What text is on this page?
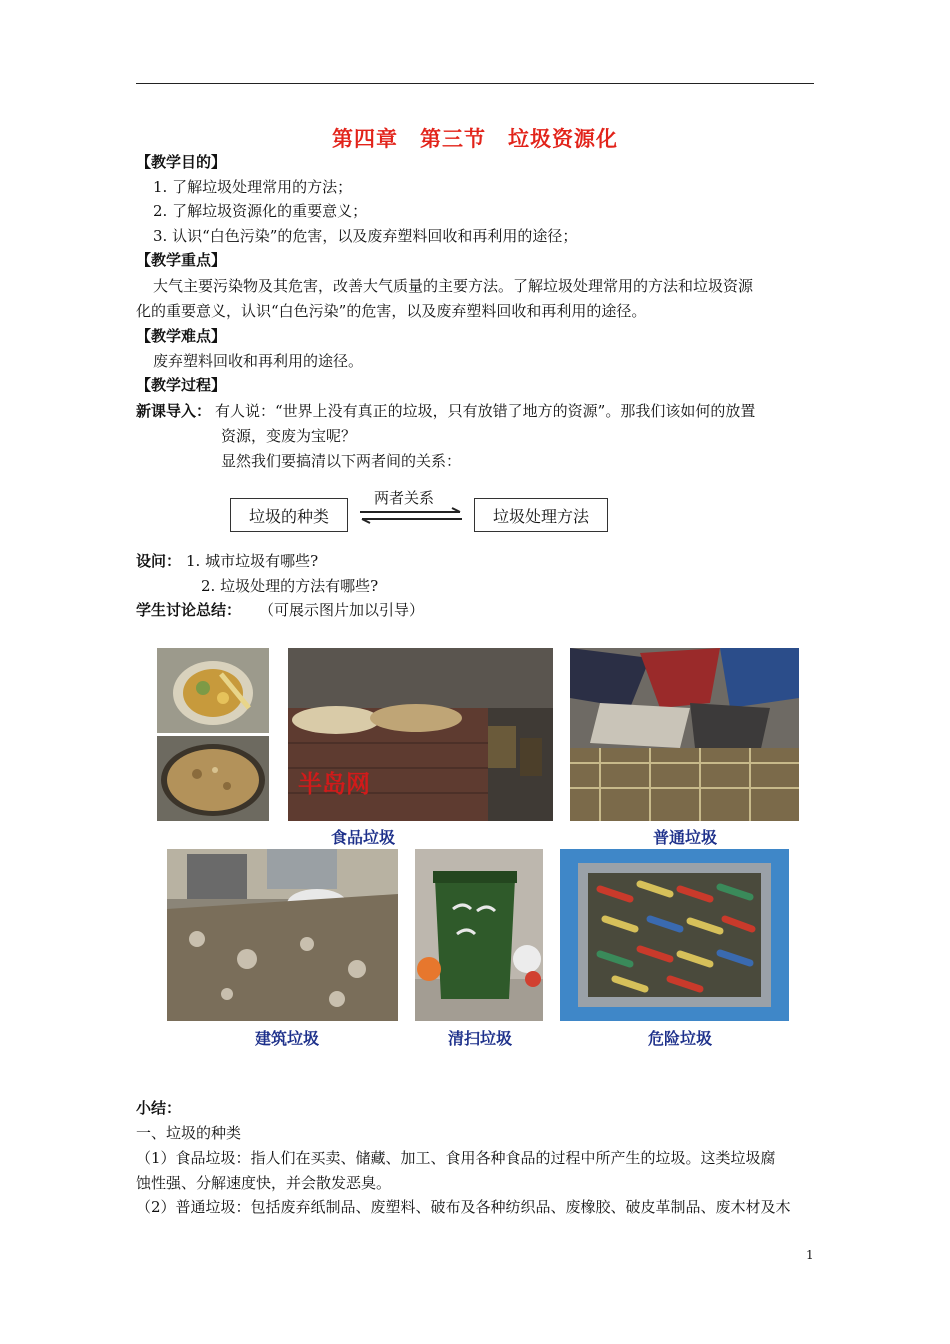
第四章　第三节　垃圾资源化
【教学目的】
1. 了解垃圾处理常用的方法；
2. 了解垃圾资源化的重要意义；
3. 认识“白色污染”的危害，以及废弃塑料回收和再利用的途径；
【教学重点】
大气主要污染物及其危害，改善大气质量的主要方法。了解垃圾处理常用的方法和垃圾资源
化的重要意义，认识“白色污染”的危害，以及废弃塑料回收和再利用的途径。
【教学难点】
废弃塑料回收和再利用的途径。
【教学过程】
新课导入： 有人说：“世界上没有真正的垃圾，只有放错了地方的资源”。那我们该如何的放置
资源，变废为宝呢？
显然我们要搞清以下两者间的关系：
垃圾的种类	垃圾处理方法
两者关系
设问： 1. 城市垃圾有哪些?
2. 垃圾处理的方法有哪些?
学生讨论总结： （可展示图片加以引导）
半岛网
食品垃圾	普通垃圾
建筑垃圾	清扫垃圾	危险垃圾
小结：
一、垃圾的种类
（1）食品垃圾：指人们在买卖、储藏、加工、食用各种食品的过程中所产生的垃圾。这类垃圾腐
蚀性强、分解速度快，并会散发恶臭。
（2）普通垃圾：包括废弃纸制品、废塑料、破布及各种纺织品、废橡胶、破皮革制品、废木材及木
1
